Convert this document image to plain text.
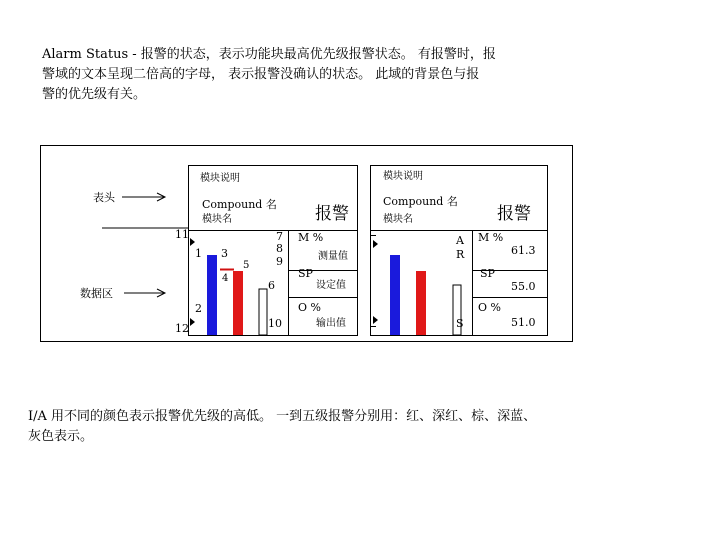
Alarm Status - 报警的状态，表示功能块最高优先级报警状态。 有报警时，报
警域的文本呈现二倍高的字母， 表示报警没确认的状态。 此域的背景色与报
警的优先级有关。
表头
数据区
模块说明
Compound 名
模块名	报警
11
1 3
4
5
6
7
8
9
2
10
12
M %
测量值
SP
设定值
O %
输出值
模块说明
Compound 名
模块名	报警
A
R
S
M %
61.3
SP
55.0
O %
51.0
I/A 用不同的颜色表示报警优先级的高低。 一到五级报警分别用：红、深红、棕、深蓝、
灰色表示。
